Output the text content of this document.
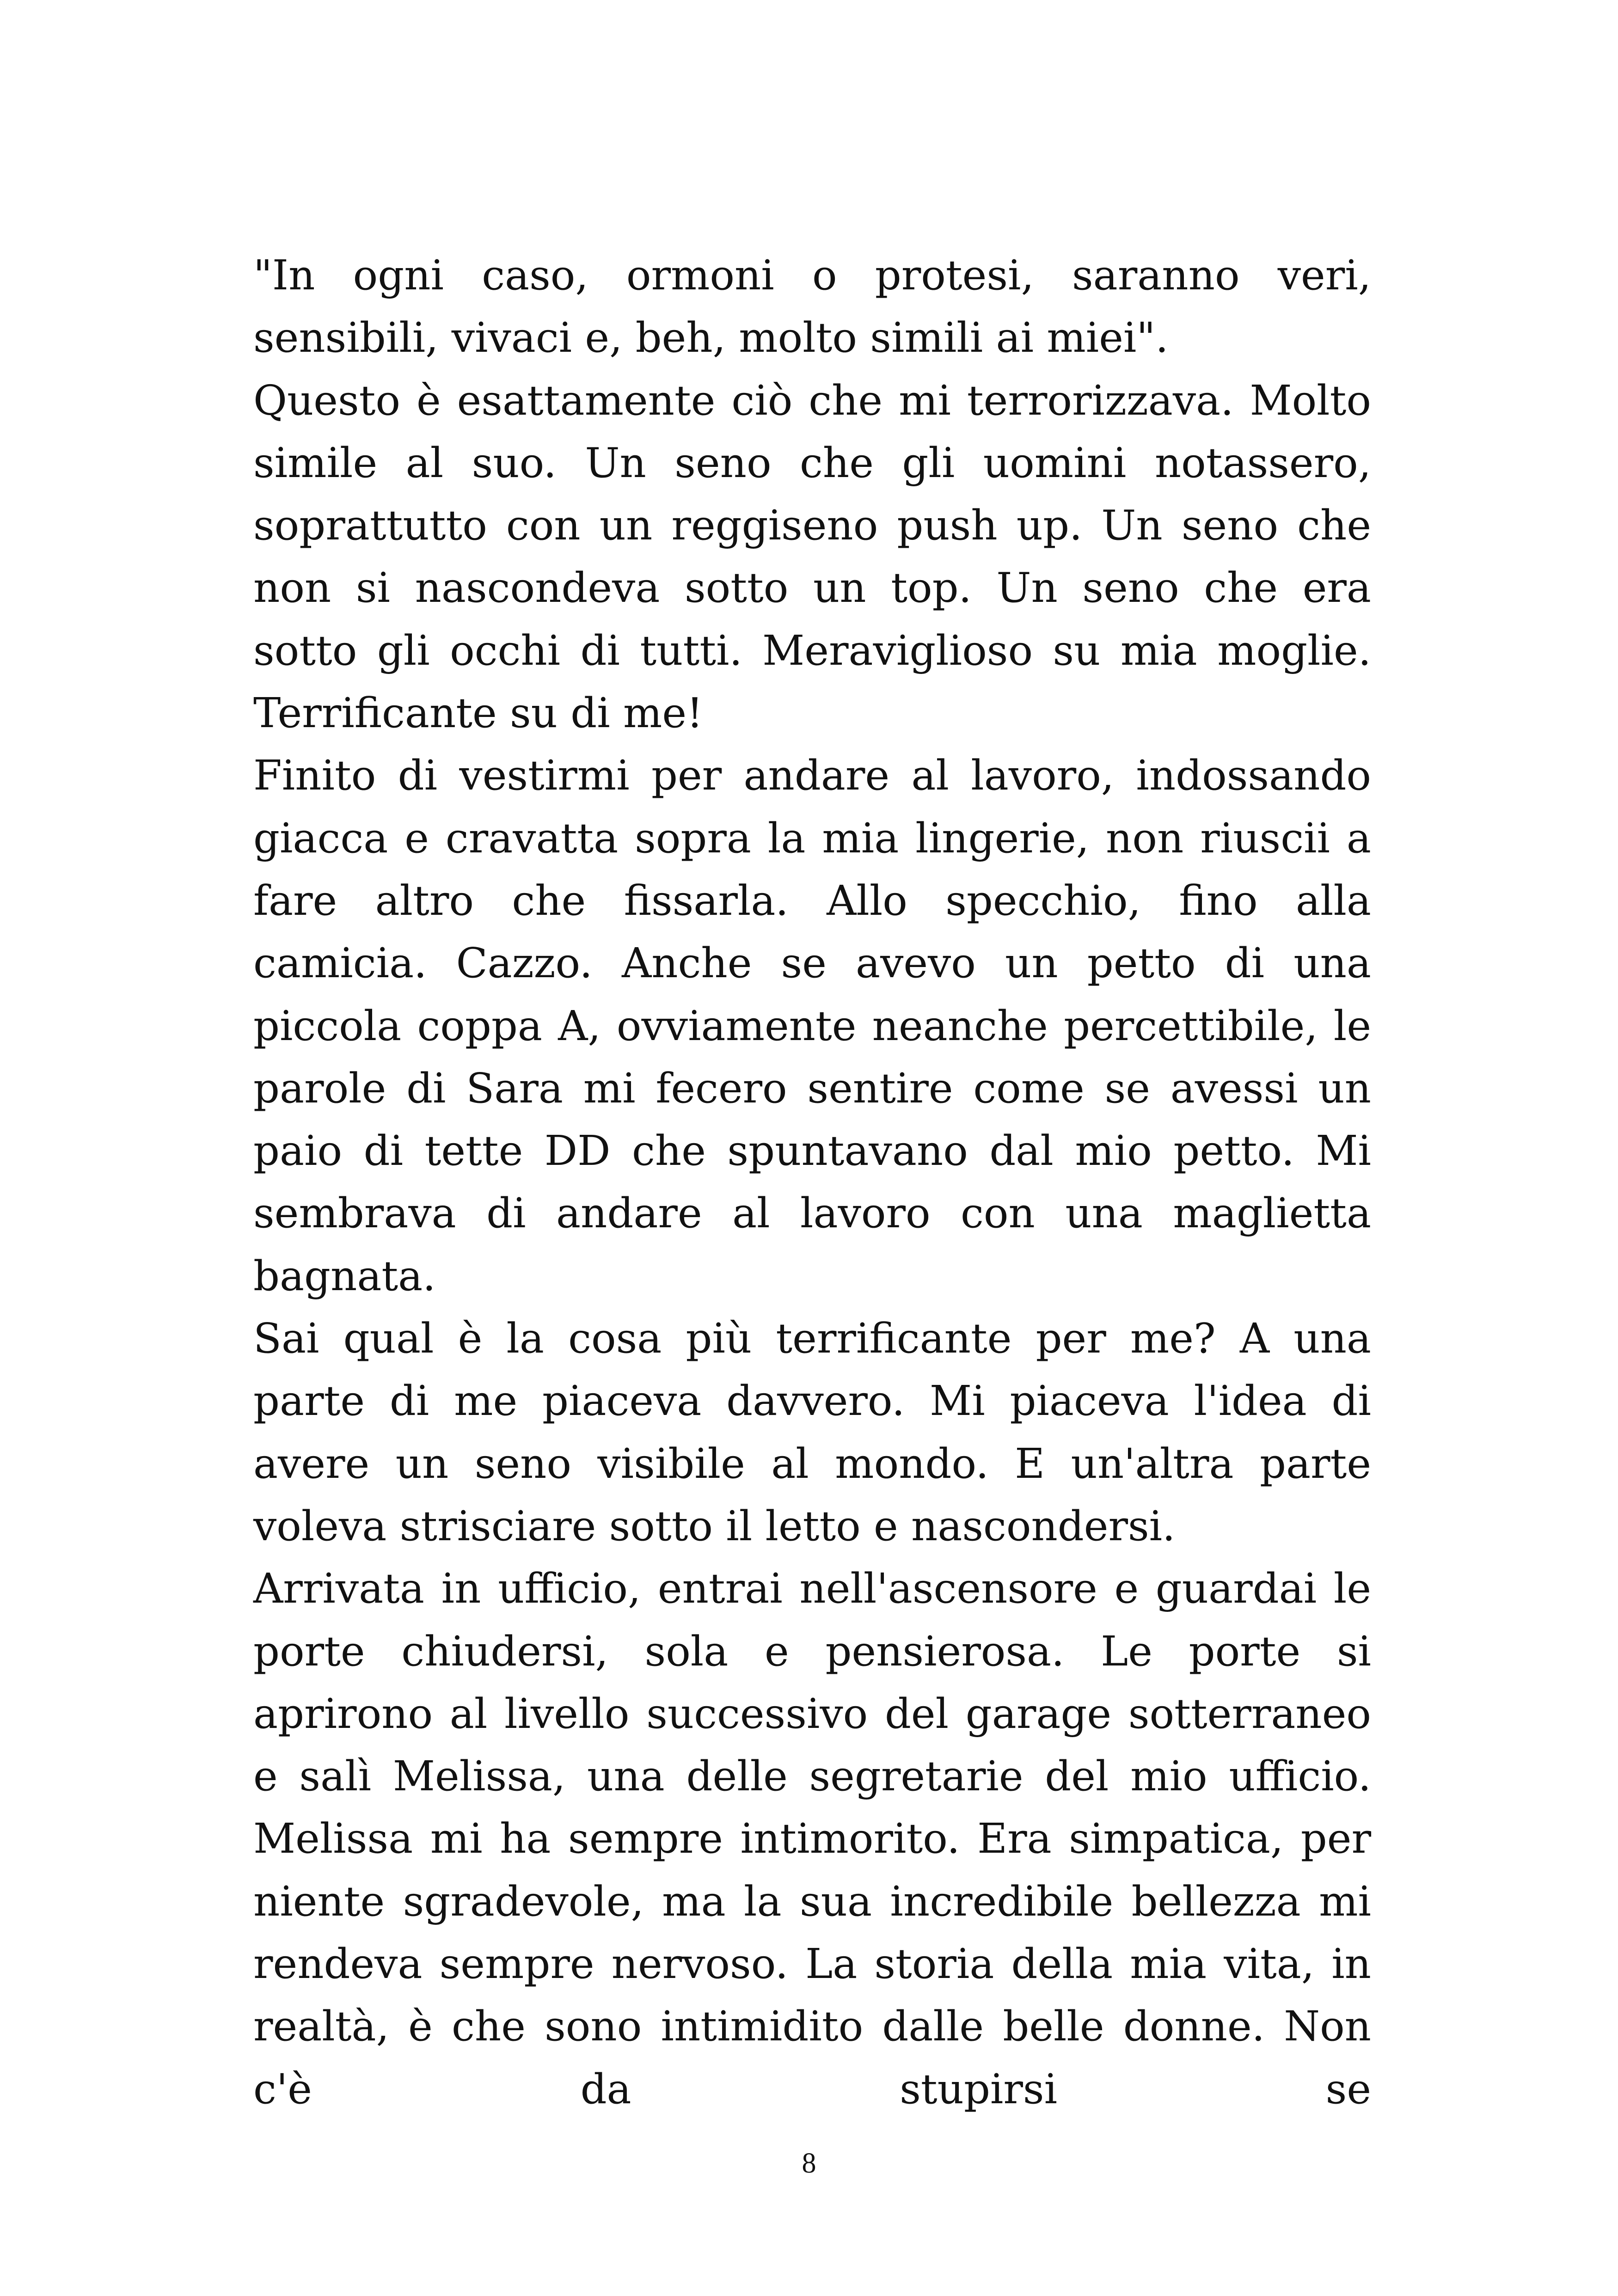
"In ogni caso, ormoni o protesi, saranno veri, sensibili, vivaci e, beh, molto simili ai miei".

Questo è esattamente ciò che mi terrorizzava. Molto simile al suo. Un seno che gli uomini notassero, soprattutto con un reggiseno push up. Un seno che non si nascondeva sotto un top. Un seno che era sotto gli occhi di tutti. Meraviglioso su mia moglie. Terrificante su di me!

Finito di vestirmi per andare al lavoro, indossando giacca e cravatta sopra la mia lingerie, non riuscii a fare altro che fissarla. Allo specchio, fino alla camicia. Cazzo. Anche se avevo un petto di una piccola coppa A, ovviamente neanche percettibile, le parole di Sara mi fecero sentire come se avessi un paio di tette DD che spuntavano dal mio petto. Mi sembrava di andare al lavoro con una maglietta bagnata.

Sai qual è la cosa più terrificante per me? A una parte di me piaceva davvero. Mi piaceva l'idea di avere un seno visibile al mondo. E un'altra parte voleva strisciare sotto il letto e nascondersi.

Arrivata in ufficio, entrai nell'ascensore e guardai le porte chiudersi, sola e pensierosa. Le porte si aprirono al livello successivo del garage sotterraneo e salì Melissa, una delle segretarie del mio ufficio. Melissa mi ha sempre intimorito. Era simpatica, per niente sgradevole, ma la sua incredibile bellezza mi rendeva sempre nervoso. La storia della mia vita, in realtà, è che sono intimidito dalle belle donne. Non c'è da stupirsi se

8
